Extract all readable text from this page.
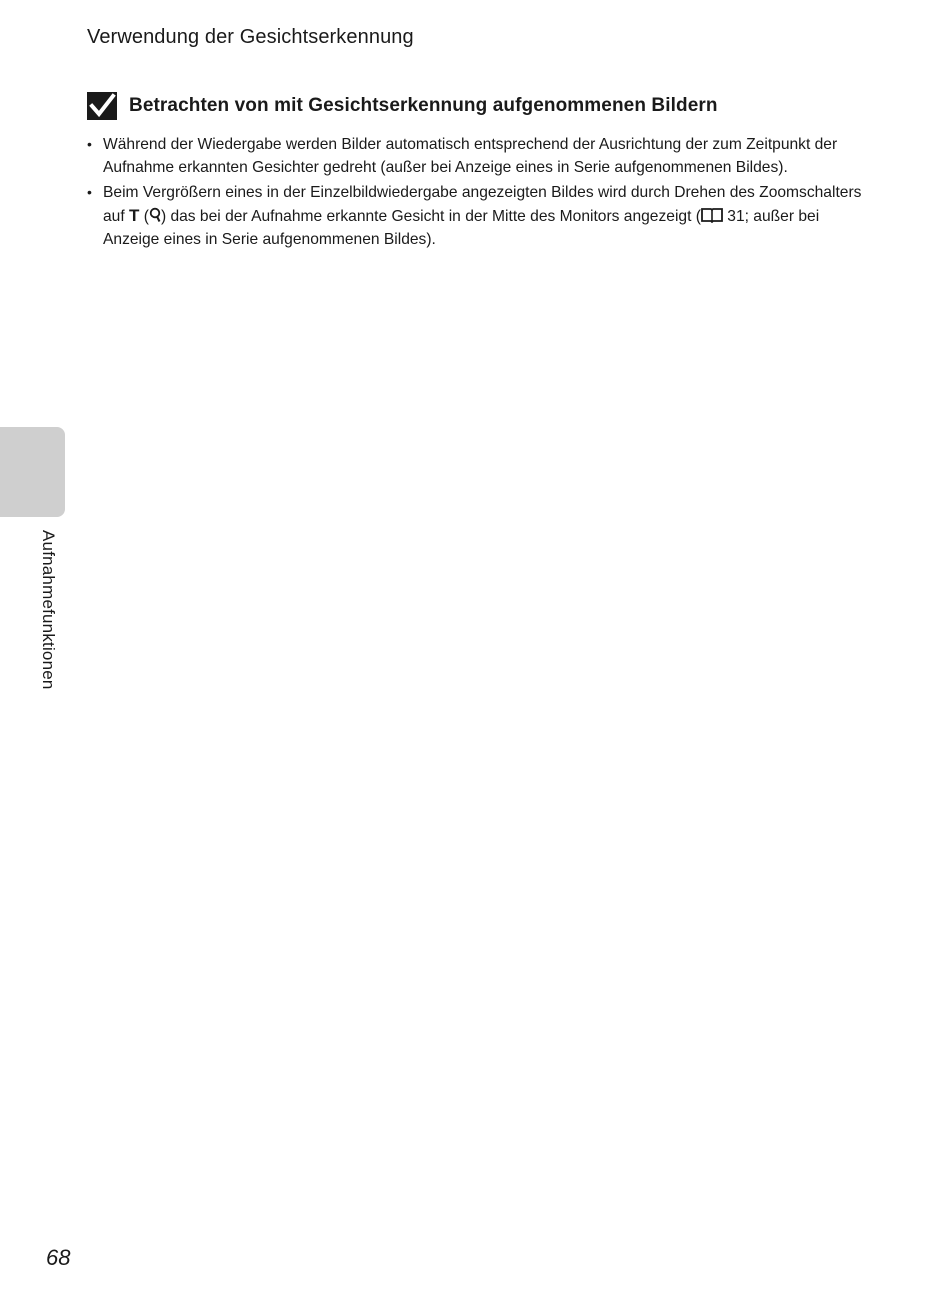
Verwendung der Gesichtserkennung
Betrachten von mit Gesichtserkennung aufgenommenen Bildern
• Während der Wiedergabe werden Bilder automatisch entsprechend der Ausrichtung der zum Zeitpunkt der Aufnahme erkannten Gesichter gedreht (außer bei Anzeige eines in Serie aufgenommenen Bildes).
• Beim Vergrößern eines in der Einzelbildwiedergabe angezeigten Bildes wird durch Drehen des Zoomschalters auf T ( ) das bei der Aufnahme erkannte Gesicht in der Mitte des Monitors angezeigt ( 31; außer bei Anzeige eines in Serie aufgenommenen Bildes).
Aufnahmefunktionen
68
